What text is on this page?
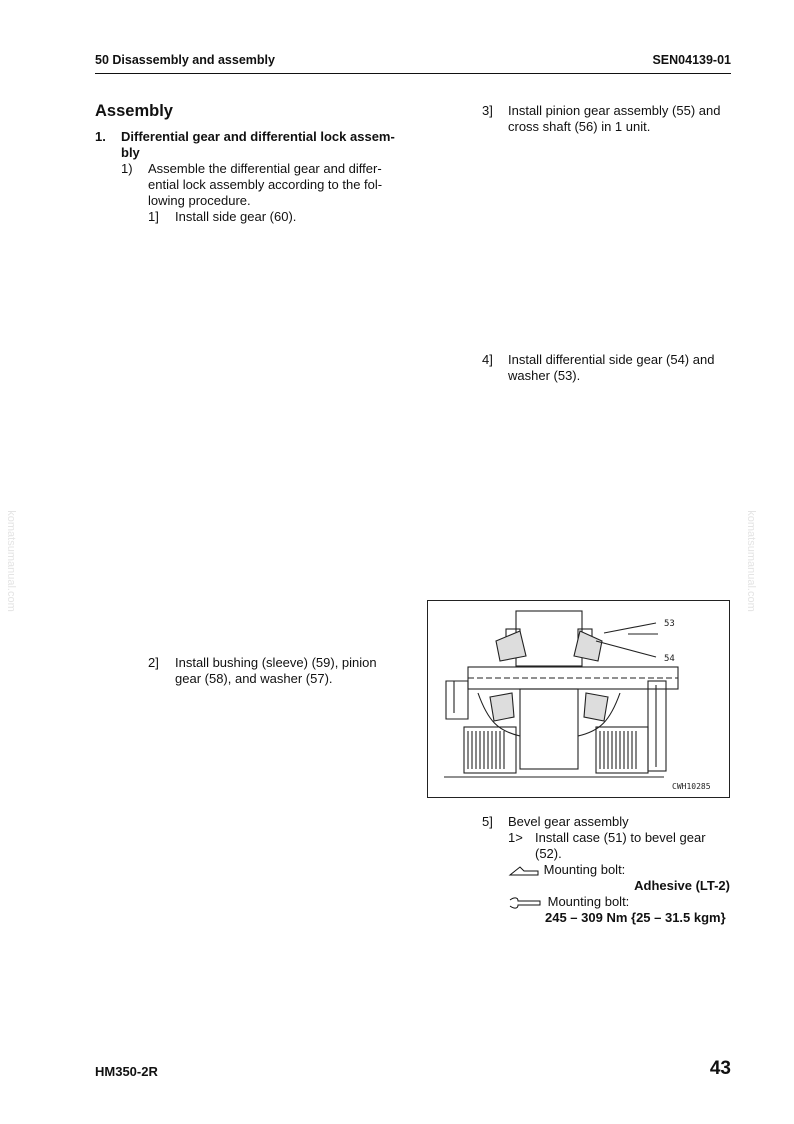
50 Disassembly and assembly	SEN04139-01
komatsumanual.com	komatsumanual.com
Assembly
1. Differential gear and differential lock assem-
bly
1) Assemble the differential gear and differ-
ential lock assembly according to the fol-
lowing procedure.
1] Install side gear (60).
2] Install bushing (sleeve) (59), pinion
gear (58), and washer (57).
3] Install pinion gear assembly (55) and
cross shaft (56) in 1 unit.
4] Install differential side gear (54) and
washer (53).
53
54
CWH10285
5] Bevel gear assembly
1> Install case (51) to bevel gear
(52).
Mounting bolt:
Adhesive (LT-2)
Mounting bolt:
245 – 309 Nm {25 – 31.5 kgm}
HM350-2R	43
